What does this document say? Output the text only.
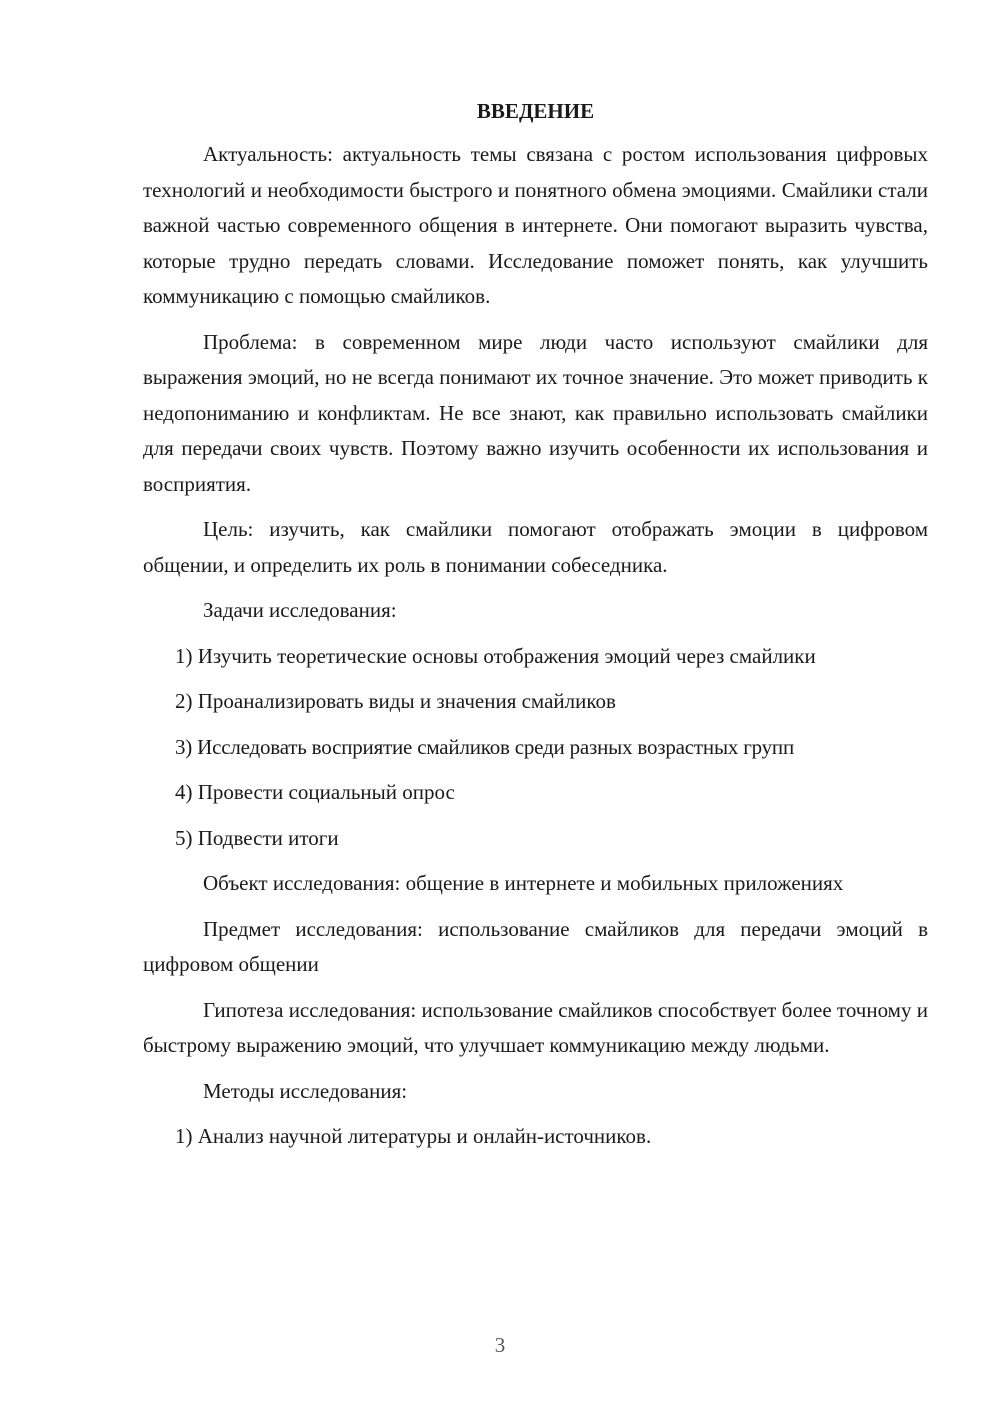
ВВЕДЕНИЕ

Актуальность: актуальность темы связана с ростом использования цифровых технологий и необходимости быстрого и понятного обмена эмоциями. Смайлики стали важной частью современного общения в интернете. Они помогают выразить чувства, которые трудно передать словами. Исследование поможет понять, как улучшить коммуникацию с помощью смайликов.

Проблема: в современном мире люди часто используют смайлики для выражения эмоций, но не всегда понимают их точное значение. Это может приводить к недопониманию и конфликтам. Не все знают, как правильно использовать смайлики для передачи своих чувств. Поэтому важно изучить особенности их использования и восприятия.

Цель: изучить, как смайлики помогают отображать эмоции в цифровом общении, и определить их роль в понимании собеседника.

Задачи исследования:

1) Изучить теоретические основы отображения эмоций через смайлики

2) Проанализировать виды и значения смайликов

3) Исследовать восприятие смайликов среди разных возрастных групп

4) Провести социальный опрос

5) Подвести итоги

Объект исследования: общение в интернете и мобильных приложениях

Предмет исследования: использование смайликов для передачи эмоций в цифровом общении

Гипотеза исследования: использование смайликов способствует более точному и быстрому выражению эмоций, что улучшает коммуникацию между людьми.

Методы исследования:

1) Анализ научной литературы и онлайн-источников.

3
